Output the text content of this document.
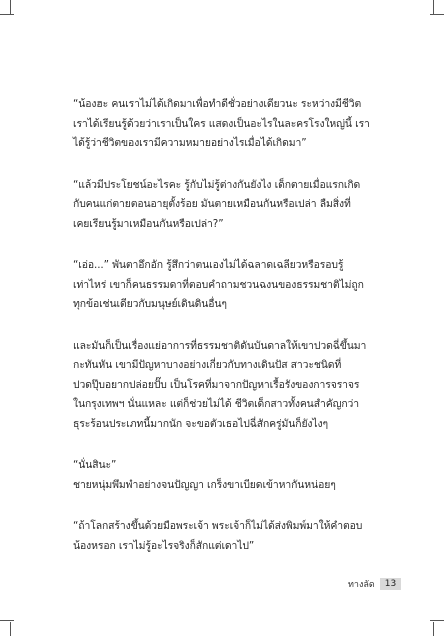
“น้องฮะ คนเราไม่ได้เกิดมาเพื่อทำดีชั่วอย่างเดียวนะ ระหว่างมีชีวิต
เราได้เรียนรู้ด้วยว่าเราเป็นใคร แสดงเป็นอะไรในละครโรงใหญ่นี้ เรา
ได้รู้ว่าชีวิตของเรามีความหมายอย่างไรเมื่อได้เกิดมา”

“แล้วมีประโยชน์อะไรคะ รู้กับไม่รู้ต่างกันยังไง เด็กตายเมื่อแรกเกิด
กับคนแก่ตายตอนอายุตั้งร้อย มันตายเหมือนกันหรือเปล่า ลืมสิ่งที่
เคยเรียนรู้มาเหมือนกันหรือเปล่า?”

“เอ่อ...” พันตาอึกอัก รู้สึกว่าตนเองไม่ได้ฉลาดเฉลียวหรือรอบรู้
เท่าไหร่ เขาก็คนธรรมดาที่ตอบคำถามชวนฉงนของธรรมชาติไม่ถูก
ทุกข้อเช่นเดียวกับมนุษย์เดินดินอื่นๆ

และมันก็เป็นเรื่องแย่อาการที่ธรรมชาติดันบันดาลให้เขาปวดฉี่ขึ้นมา
กะทันหัน เขามีปัญหาบางอย่างเกี่ยวกับทางเดินปัส สาวะชนิดที่
ปวดปุ๊บอยากปล่อยปั๊บ เป็นโรคที่มาจากปัญหาเรื้อรังของการจราจร
ในกรุงเทพฯ นั่นแหละ แต่ก็ช่วยไม่ได้ ชีวิตเด็กสาวทั้งคนสำคัญกว่า
ธุระร้อนประเภทนี้มากนัก จะขอตัวเธอไปฉี่สักครู่มันก็ยังไงๆ

“นั่นสินะ”
ชายหนุ่มพึมพำอย่างจนปัญญา เกร็งขาเบียดเข้าหากันหน่อยๆ

“ถ้าโลกสร้างขึ้นด้วยมือพระเจ้า พระเจ้าก็ไม่ได้ส่งพิมพ์มาให้คำตอบ
น้องหรอก เราไม่รู้อะไรจริงก็สักแต่เดาไป”

ทางลัด	13
